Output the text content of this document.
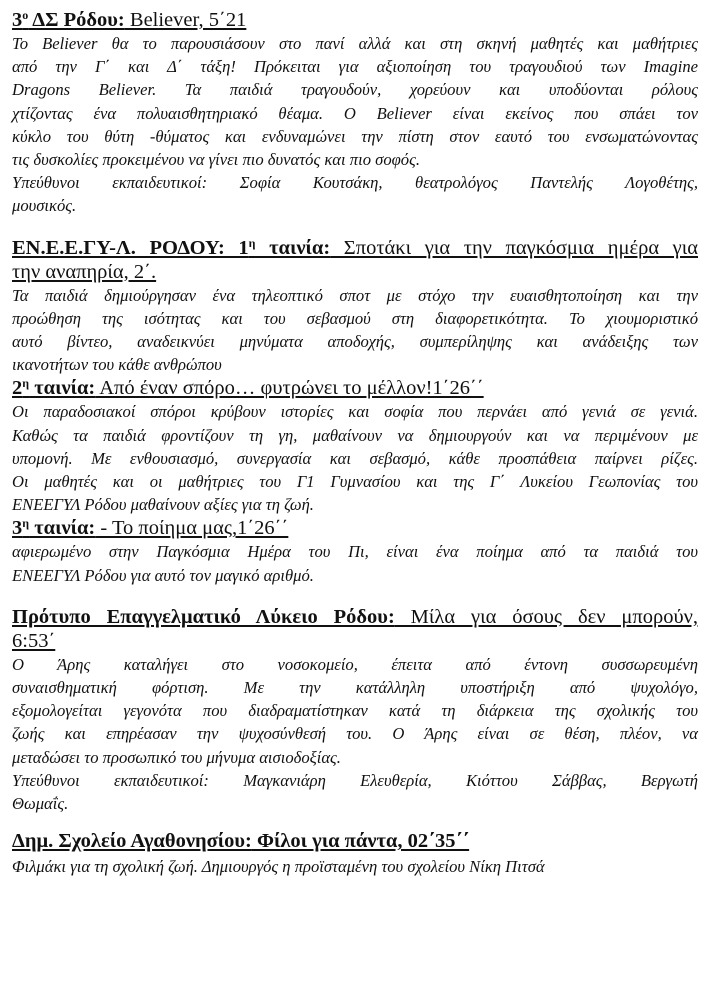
$3^o$ ΔΣ Ρόδου: Believer, 5΄21
Το Believer θα το παρουσιάσουν στο πανί αλλά και στη σκηνή μαθητές και μαθήτριες
από την Γ΄ και Δ΄ τάξη! Πρόκειται για αξιοποίηση του τραγουδιού των Imagine
Dragons Believer. Τα παιδιά τραγουδούν, χορεύουν και υποδύονται ρόλους
χτίζοντας ένα πολυαισθητηριακό θέαμα. Ο Believer είναι εκείνος που σπάει τον
κύκλο του θύτη -θύματος και ενδυναμώνει την πίστη στον εαυτό του ενσωματώνοντας
τις δυσκολίες προκειμένου να γίνει πιο δυνατός και πιο σοφός.
Υπεύθυνοι εκπαιδευτικοί: Σοφία Κουτσάκη, θεατρολόγος Παντελής Λογοθέτης,
μουσικός.
ΕΝ.Ε.Ε.ΓΥ-Λ. ΡΟΔΟΥ: $1^\eta$ ταινία: Σποτάκι για την παγκόσμια ημέρα για
την αναπηρία, 2΄.
Τα παιδιά δημιούργησαν ένα τηλεοπτικό σποτ με στόχο την ευαισθητοποίηση και την
προώθηση της ισότητας και του σεβασμού στη διαφορετικότητα. Το χιουμοριστικό
αυτό βίντεο, αναδεικνύει μηνύματα αποδοχής, συμπερίληψης και ανάδειξης των
ικανοτήτων του κάθε ανθρώπου
$2^\eta$ ταινία: Από έναν σπόρο… φυτρώνει το μέλλον!1΄26΄΄
Οι παραδοσιακοί σπόροι κρύβουν ιστορίες και σοφία που περνάει από γενιά σε γενιά.
Καθώς τα παιδιά φροντίζουν τη γη, μαθαίνουν να δημιουργούν και να περιμένουν με
υπομονή. Με ενθουσιασμό, συνεργασία και σεβασμό, κάθε προσπάθεια παίρνει ρίζες.
Οι μαθητές και οι μαθήτριες του Γ1 Γυμνασίου και της Γ΄ Λυκείου Γεωπονίας του
ΕΝΕΕΓΥΛ Ρόδου μαθαίνουν αξίες για τη ζωή.
$3^\eta$ ταινία: - Το ποίημα μας,1΄26΄΄
αφιερωμένο στην Παγκόσμια Ημέρα του Πι, είναι ένα ποίημα από τα παιδιά του
ΕΝΕΕΓΥΛ Ρόδου για αυτό τον μαγικό αριθμό.
Πρότυπο Επαγγελματικό Λύκειο Ρόδου: Μίλα για όσους δεν μπορούν,
6:53΄
Ο Άρης καταλήγει στο νοσοκομείο, έπειτα από έντονη συσσωρευμένη
συναισθηματική φόρτιση. Με την κατάλληλη υποστήριξη από ψυχολόγο,
εξομολογείται γεγονότα που διαδραματίστηκαν κατά τη διάρκεια της σχολικής του
ζωής και επηρέασαν την ψυχοσύνθεσή του. Ο Άρης είναι σε θέση, πλέον, να
μεταδώσει το προσωπικό του μήνυμα αισιοδοξίας.
Υπεύθυνοι εκπαιδευτικοί: Μαγκανιάρη Ελευθερία, Κιόττου Σάββας, Βεργωτή
Θωμαΐς.
Δημ. Σχολείο Αγαθονησίου: Φίλοι για πάντα, 02΄35΄΄
Φιλμάκι για τη σχολική ζωή. Δημιουργός η προϊσταμένη του σχολείου Νίκη Πιτσά
